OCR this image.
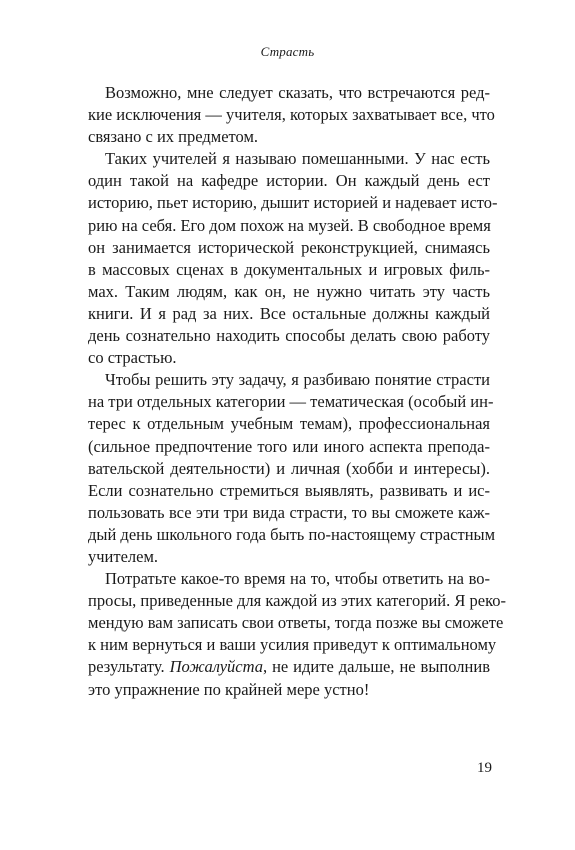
Страсть

Возможно, мне следует сказать, что встречаются ред-
кие исключения — учителя, которых захватывает все, что
связано с их предметом.

Таких учителей я называю помешанными. У нас есть
один такой на кафедре истории. Он каждый день ест
историю, пьет историю, дышит историей и надевает исто-
рию на себя. Его дом похож на музей. В свободное время
он занимается исторической реконструкцией, снимаясь
в массовых сценах в документальных и игровых филь-
мах. Таким людям, как он, не нужно читать эту часть
книги. И я рад за них. Все остальные должны каждый
день сознательно находить способы делать свою работу
со страстью.

Чтобы решить эту задачу, я разбиваю понятие страсти
на три отдельных категории — тематическая (особый ин-
терес к отдельным учебным темам), профессиональная
(сильное предпочтение того или иного аспекта препода-
вательской деятельности) и личная (хобби и интересы).
Если сознательно стремиться выявлять, развивать и ис-
пользовать все эти три вида страсти, то вы сможете каж-
дый день школьного года быть по-настоящему страстным
учителем.

Потратьте какое-то время на то, чтобы ответить на во-
просы, приведенные для каждой из этих категорий. Я реко-
мендую вам записать свои ответы, тогда позже вы сможете
к ним вернуться и ваши усилия приведут к оптимальному
результату. Пожалуйста, не идите дальше, не выполнив
это упражнение по крайней мере устно!

19
